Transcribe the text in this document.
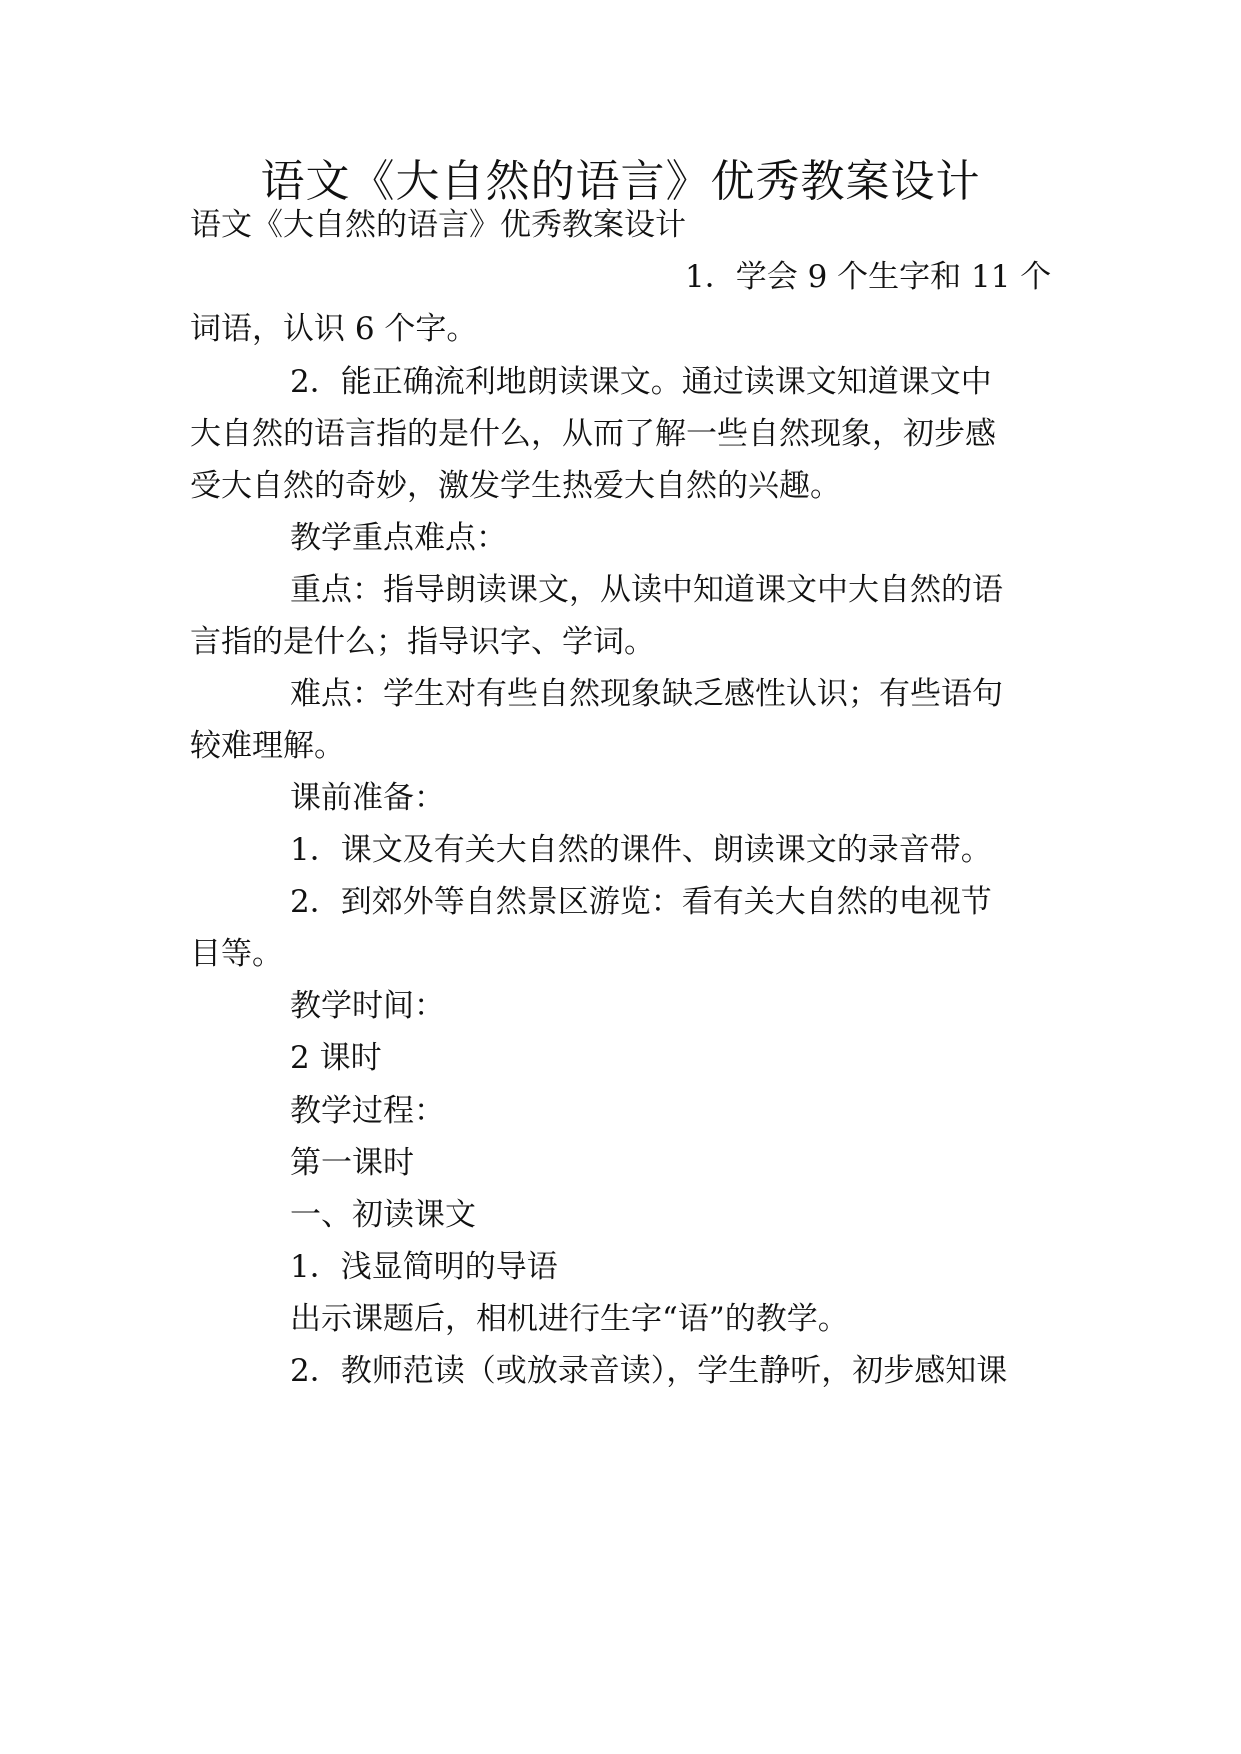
语文《大自然的语言》优秀教案设计

语文《大自然的语言》优秀教案设计

1．学会 9 个生字和 11 个

词语，认识 6 个字。

2．能正确流利地朗读课文。通过读课文知道课文中

大自然的语言指的是什么，从而了解一些自然现象，初步感

受大自然的奇妙，激发学生热爱大自然的兴趣。

教学重点难点：

重点：指导朗读课文，从读中知道课文中大自然的语

言指的是什么；指导识字、学词。

难点：学生对有些自然现象缺乏感性认识；有些语句

较难理解。

课前准备：

1．课文及有关大自然的课件、朗读课文的录音带。

2．到郊外等自然景区游览：看有关大自然的电视节

目等。

教学时间：

2 课时

教学过程：

第一课时

一、初读课文

1．浅显简明的导语

出示课题后，相机进行生字“语”的教学。

2．教师范读（或放录音读），学生静听，初步感知课
